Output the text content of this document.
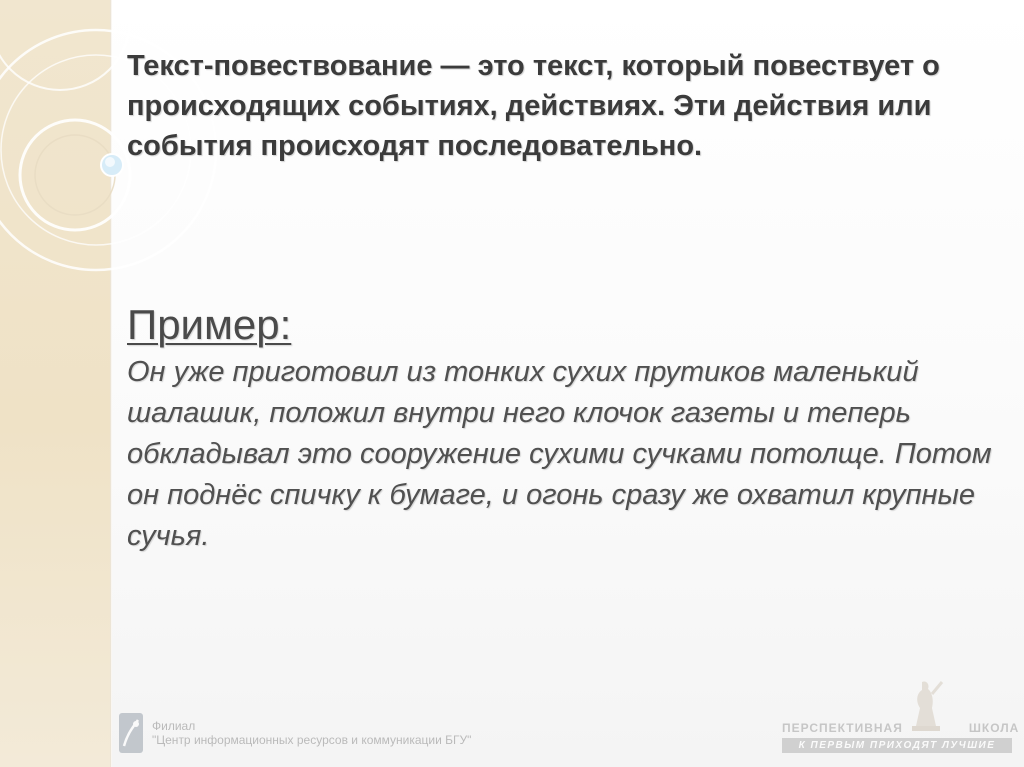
Текст-повествование — это текст, который повествует о происходящих событиях, действиях. Эти действия или события происходят последовательно.

Пример:

Он уже приготовил из тонких сухих прутиков маленький шалашик, положил внутри него клочок газеты и теперь обкладывал это сооружение сухими сучками потолще. Потом он поднёс спичку к бумаге, и огонь сразу же охватил крупные сучья.

Филиал
"Центр информационных ресурсов и коммуникации БГУ"
ПЕРСПЕКТИВНАЯ	ШКОЛА
К ПЕРВЫМ ПРИХОДЯТ ЛУЧШИЕ
